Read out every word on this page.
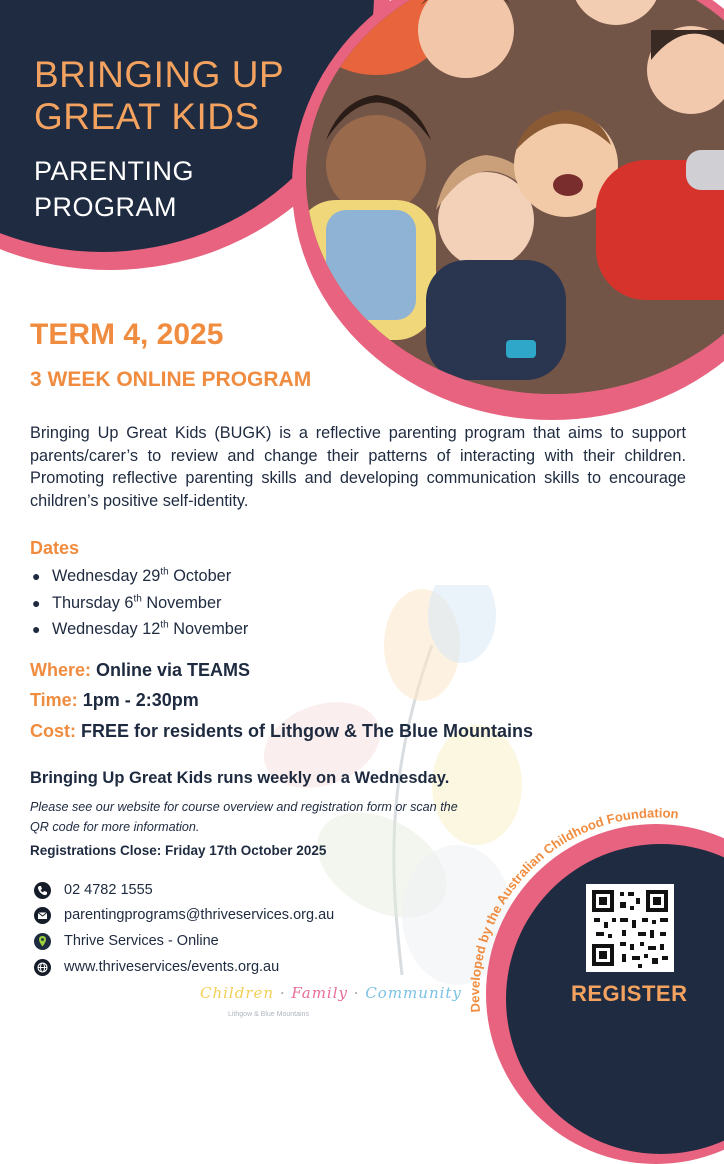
BRINGING UP
GREAT KIDS
PARENTING
PROGRAM
TERM 4, 2025
3 WEEK ONLINE PROGRAM
Bringing Up Great Kids (BUGK) is a reflective parenting program that aims to support parents/carer’s to review and change their patterns of interacting with their children. Promoting reflective parenting skills and developing communication skills to encourage children’s positive self-identity.
Dates
● Wednesday 29th October
● Thursday 6th November
● Wednesday 12th November
Where: Online via TEAMS
Time: 1pm - 2:30pm
Cost: FREE for residents of Lithgow & The Blue Mountains
Bringing Up Great Kids runs weekly on a Wednesday.
Please see our website for course overview and registration form or scan the
QR code for more information.
Registrations Close: Friday 17th October 2025
02 4782 1555
parentingprograms@thriveservices.org.au
Thrive Services - Online
www.thriveservices/events.org.au
Children · Family · Community
Lithgow & Blue Mountains
Developed by the Australian Childhood Foundation
REGISTER
